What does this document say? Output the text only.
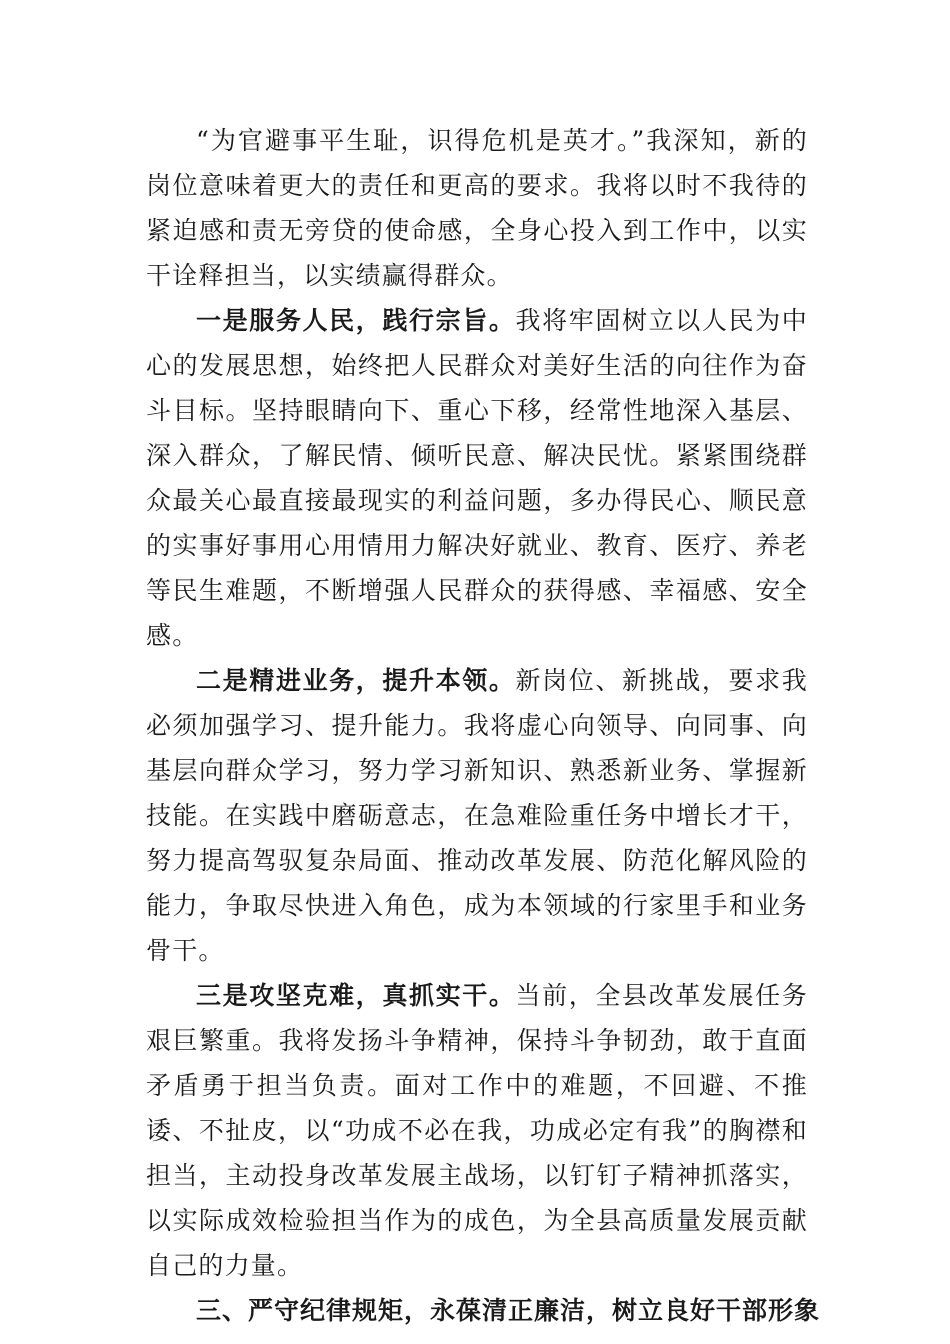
“为官避事平生耻，识得危机是英才。”我深知，新的岗位意味着更大的责任和更高的要求。我将以时不我待的紧迫感和责无旁贷的使命感，全身心投入到工作中，以实干诠释担当，以实绩赢得群众。

一是服务人民，践行宗旨。我将牢固树立以人民为中心的发展思想，始终把人民群众对美好生活的向往作为奋斗目标。坚持眼睛向下、重心下移，经常性地深入基层、深入群众，了解民情、倾听民意、解决民忧。紧紧围绕群众最关心最直接最现实的利益问题，多办得民心、顺民意的实事好事用心用情用力解决好就业、教育、医疗、养老等民生难题，不断增强人民群众的获得感、幸福感、安全感。

二是精进业务，提升本领。新岗位、新挑战，要求我必须加强学习、提升能力。我将虚心向领导、向同事、向基层向群众学习，努力学习新知识、熟悉新业务、掌握新技能。在实践中磨砺意志，在急难险重任务中增长才干，努力提高驾驭复杂局面、推动改革发展、防范化解风险的能力，争取尽快进入角色，成为本领域的行家里手和业务骨干。

三是攻坚克难，真抓实干。当前，全县改革发展任务艰巨繁重。我将发扬斗争精神，保持斗争韧劲，敢于直面矛盾勇于担当负责。面对工作中的难题，不回避、不推诿、不扯皮，以“功成不必在我，功成必定有我”的胸襟和担当，主动投身改革发展主战场，以钉钉子精神抓落实，以实际成效检验担当作为的成色，为全县高质量发展贡献自己的力量。

三、严守纪律规矩，永葆清正廉洁，树立良好干部形象
